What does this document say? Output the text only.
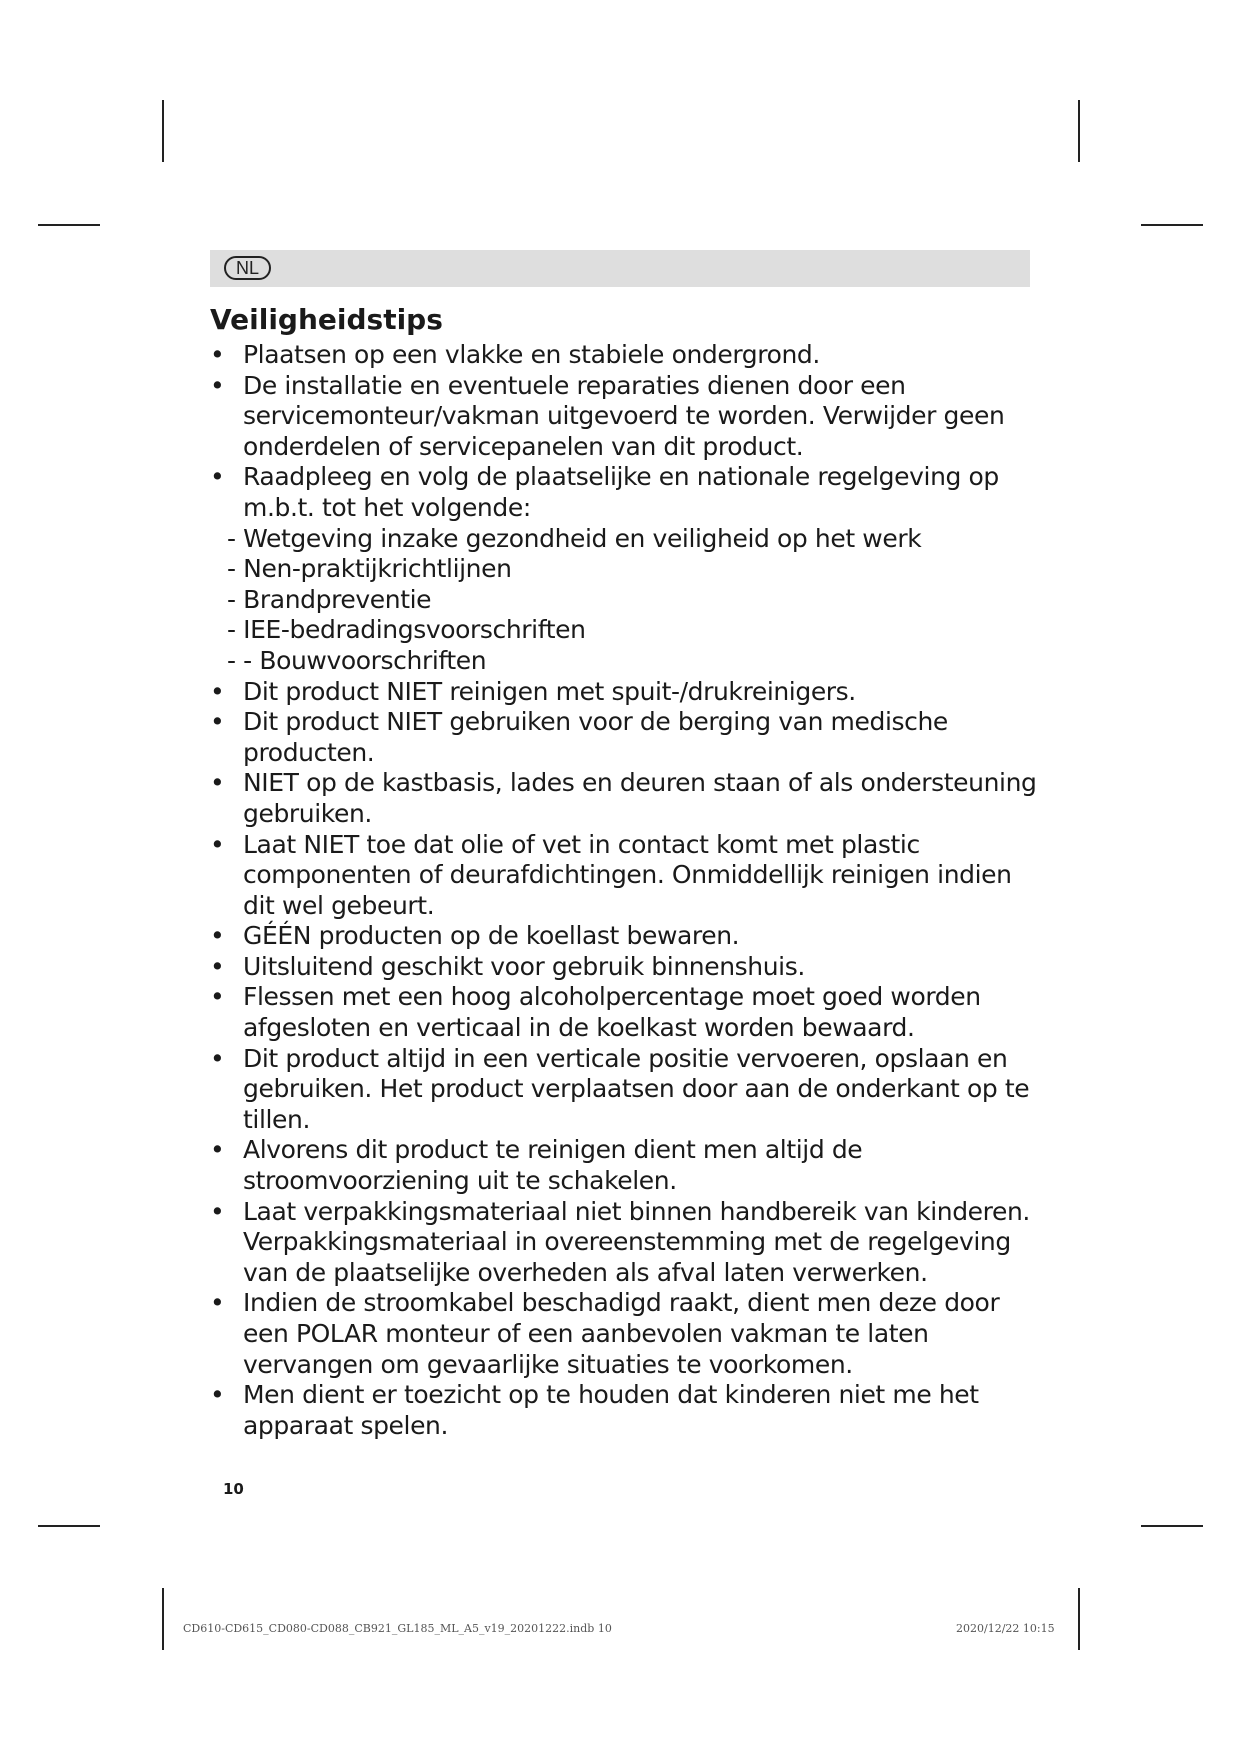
NL
Veiligheidstips
• Plaatsen op een vlakke en stabiele ondergrond.
• De installatie en eventuele reparaties dienen door een servicemonteur/vakman uitgevoerd te worden. Verwijder geen onderdelen of servicepanelen van dit product.
• Raadpleeg en volg de plaatselijke en nationale regelgeving op m.b.t. tot het volgende:
- Wetgeving inzake gezondheid en veiligheid op het werk
- Nen-praktijkrichtlijnen
- Brandpreventie
- IEE-bedradingsvoorschriften
- - Bouwvoorschriften
• Dit product NIET reinigen met spuit-/drukreinigers.
• Dit product NIET gebruiken voor de berging van medische producten.
• NIET op de kastbasis, lades en deuren staan of als ondersteuning gebruiken.
• Laat NIET toe dat olie of vet in contact komt met plastic componenten of deurafdichtingen. Onmiddellijk reinigen indien dit wel gebeurt.
• GÉÉN producten op de koellast bewaren.
• Uitsluitend geschikt voor gebruik binnenshuis.
• Flessen met een hoog alcoholpercentage moet goed worden afgesloten en verticaal in de koelkast worden bewaard.
• Dit product altijd in een verticale positie vervoeren, opslaan en gebruiken. Het product verplaatsen door aan de onderkant op te tillen.
• Alvorens dit product te reinigen dient men altijd de stroomvoorziening uit te schakelen.
• Laat verpakkingsmateriaal niet binnen handbereik van kinderen. Verpakkingsmateriaal in overeenstemming met de regelgeving van de plaatselijke overheden als afval laten verwerken.
• Indien de stroomkabel beschadigd raakt, dient men deze door een POLAR monteur of een aanbevolen vakman te laten vervangen om gevaarlijke situaties te voorkomen.
• Men dient er toezicht op te houden dat kinderen niet me het apparaat spelen.
10
CD610-CD615_CD080-CD088_CB921_GL185_ML_A5_v19_20201222.indb 10	2020/12/22 10:15
